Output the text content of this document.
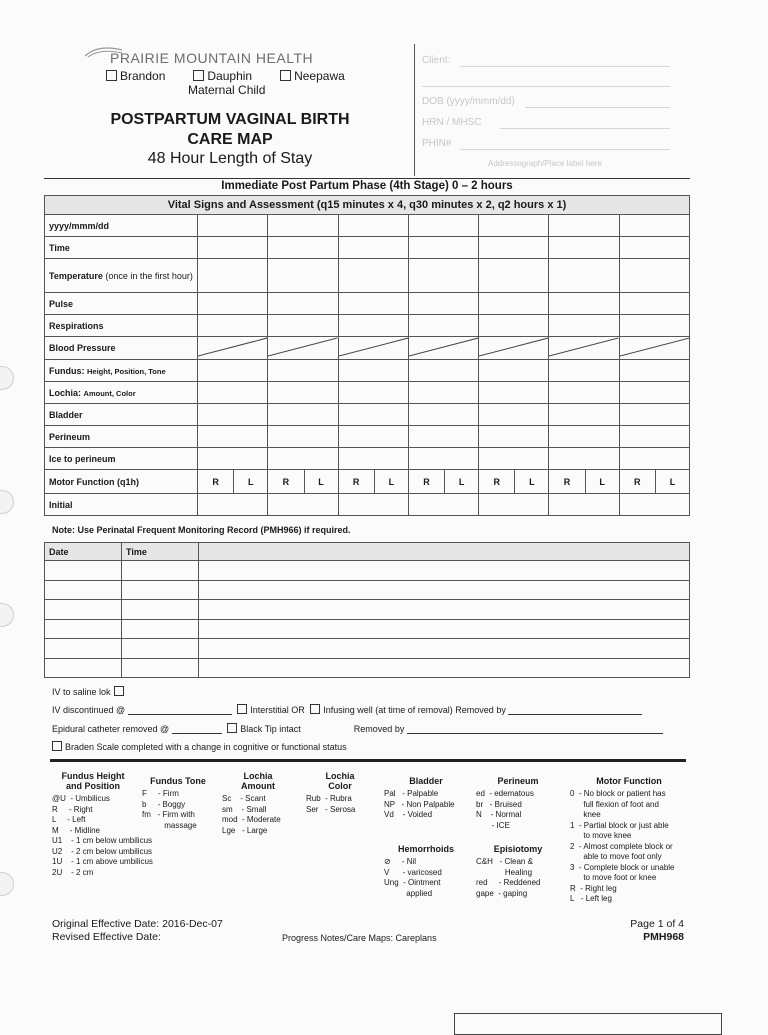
PRAIRIE MOUNTAIN HEALTH
Brandon	Dauphin	Neepawa
Maternal Child
POSTPARTUM VAGINAL BIRTH
CARE MAP
48 Hour Length of Stay
Client:
DOB (yyyy/mmm/dd)
HRN / MHSC
PHIN#
Addressograph/Place label here
Immediate Post Partum Phase (4th Stage) 0 – 2 hours
Vital Signs and Assessment (q15 minutes x 4, q30 minutes x 2, q2 hours x 1)														
yyyy/mmm/dd														
Time														
Temperature (once in the first hour)														
Pulse														
Respirations														
Blood Pressure							
Fundus: Height, Position, Tone														
Lochia: Amount, Color														
Bladder														
Perineum														
Ice to perineum														
Motor Function (q1h)	R	L	R	L	R	L	R	L	R	L	R	L	R	L
Initial														
Note: Use Perinatal Frequent Monitoring Record (PMH966) if required.
Date	Time	

IV to saline lok
IV discontinued @	Interstitial OR Infusing well (at time of removal) Removed by
Epidural catheter removed @	Black Tip intact	Removed by
Braden Scale completed with a change in cognitive or functional status
Fundus Height
and Position
@U  - Umbilicus
R     - Right
L     - Left
M     - Midline
U1    - 1 cm below umbilicus
U2    - 2 cm below umbilicus
1U    - 1 cm above umbilicus
2U    - 2 cm
Fundus Tone
F     - Firm
b     - Boggy
fm   - Firm with
massage
Lochia
Amount
Sc    - Scant
sm    - Small
mod  - Moderate
Lge   - Large
Lochia
Color
Rub  - Rubra
Ser   - Serosa
Bladder
Pal   - Palpable
NP   - Non Palpable
Vd    - Voided
Hemorrhoids
⊘     - Nil
V      - varicosed
Ung  - Ointment
applied
Perineum
ed  - edematous
br   - Bruised
N    - Normal
- ICE
Episiotomy
C&H   - Clean &
Healing
red     - Reddened
gape  - gaping
Motor Function
0  - No block or patient has
full flexion of foot and
knee
1  - Partial block or just able
to move knee
2  - Almost complete block or
able to move foot only
3  - Complete block or unable
to move foot or knee
R  - Right leg
L   - Left leg
Original Effective Date: 2016-Dec-07
Revised Effective Date:	Progress Notes/Care Maps: Careplans
Page 1 of 4
PMH968
